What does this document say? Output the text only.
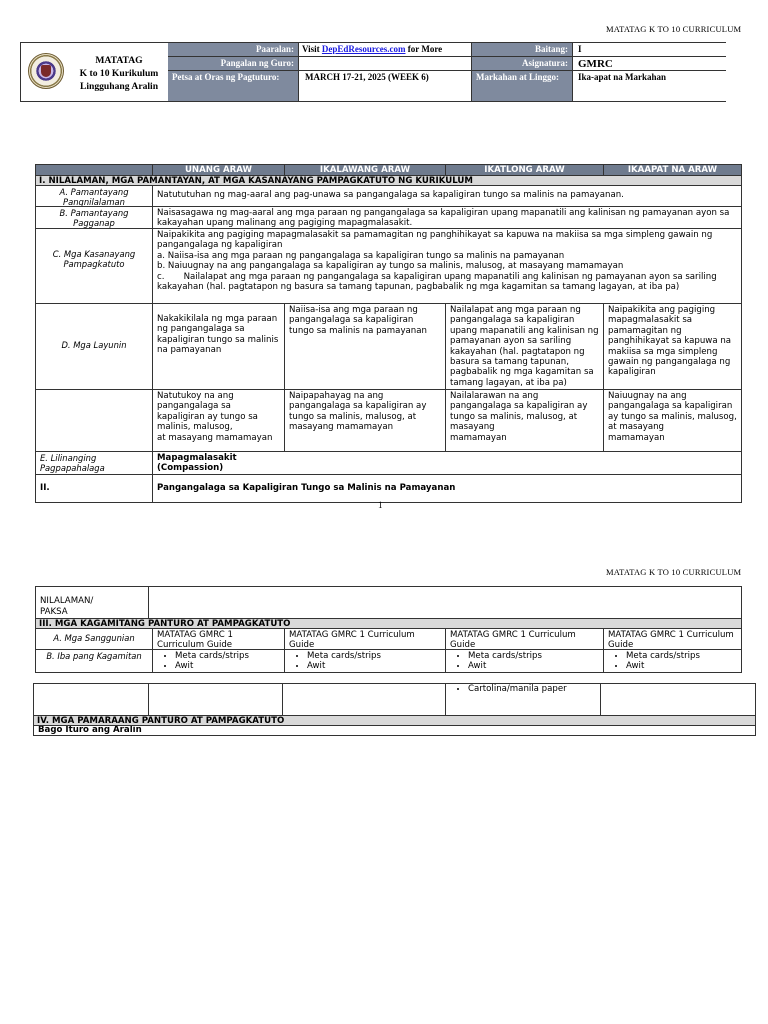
MATATAG K TO 10 CURRICULUM
MATATAG
K to 10 Kurikulum
Lingguhang Aralin
Paaralan: Visit DepEdResources.com for More	Baitang:	I
Pangalan ng Guro:	Asignatura: GMRC
Petsa at Oras ng Pagtuturo:	MARCH 17-21, 2025 (WEEK 6)	Markahan at Linggo:	Ika-apat na Markahan
UNANG ARAW	IKALAWANG ARAW	IKATLONG ARAW	IKAAPAT NA ARAW
I. NILALAMAN, MGA PAMANTAYAN, AT MGA KASANAYANG PAMPAGKATUTO NG KURIKULUM
A. Pamantayang Pangnilalaman
Natututuhan ng mag-aaral ang pag-unawa sa pangangalaga sa kapaligiran tungo sa malinis na pamayanan.
B. Pamantayang Pagganap
Naisasagawa ng mag-aaral ang mga paraan ng pangangalaga sa kapaligiran upang mapanatili ang kalinisan ng pamayanan ayon sa kakayahan upang malinang ang pagiging mapagmalasakit.
C. Mga Kasanayang Pampagkatuto
Naipakikita ang pagiging mapagmalasakit sa pamamagitan ng panghihikayat sa kapuwa na makiisa sa mga simpleng gawain ng pangangalaga ng kapaligiran
a. Naiisa-isa ang mga paraan ng pangangalaga sa kapaligiran tungo sa malinis na pamayanan
b. Naiuugnay na ang pangangalaga sa kapaligiran ay tungo sa malinis, malusog, at masayang mamamayan
c.       Nailalapat ang mga paraan ng pangangalaga sa kapaligiran upang mapanatili ang kalinisan ng pamayanan ayon sa sariling kakayahan (hal. pagtatapon ng basura sa tamang tapunan, pagbabalik ng mga kagamitan sa tamang lagayan, at iba pa)
D. Mga Layunin
Nakakikilala ng mga paraan ng pangangalaga sa kapaligiran tungo sa malinis na pamayanan
Naiisa-isa ang mga paraan ng pangangalaga sa kapaligiran tungo sa malinis na pamayanan
Nailalapat ang mga paraan ng pangangalaga sa kapaligiran upang mapanatili ang kalinisan ng pamayanan ayon sa sariling kakayahan (hal. pagtatapon ng basura sa tamang tapunan, pagbabalik ng mga kagamitan sa tamang lagayan, at iba pa)
Naipakikita ang pagiging mapagmalasakit sa pamamagitan ng panghihikayat sa kapuwa na makiisa sa mga simpleng gawain ng pangangalaga ng kapaligiran
Natutukoy na ang pangangalaga sa kapaligiran ay tungo sa malinis, malusog,
at masayang mamamayan
Naipapahayag na ang pangangalaga sa kapaligiran ay tungo sa malinis, malusog, at masayang mamamayan
Nailalarawan na ang pangangalaga sa kapaligiran ay tungo sa malinis, malusog, at masayang
mamamayan
Naiuugnay na ang pangangalaga sa kapaligiran ay tungo sa malinis, malusog, at masayang
mamamayan
E. Lilinanging Pagpapahalaga
Mapagmalasakit
(Compassion)
II.	Pangangalaga sa Kapaligiran Tungo sa Malinis na Pamayanan
1
MATATAG K TO 10 CURRICULUM
NILALAMAN/
PAKSA
III. MGA KAGAMITANG PANTURO AT PAMPAGKATUTO
A. Mga Sanggunian	MATATAG GMRC 1 Curriculum Guide
MATATAG GMRC 1 Curriculum Guide
MATATAG GMRC 1 Curriculum Guide
MATATAG GMRC 1 Curriculum Guide
B. Iba pang Kagamitan
•	Meta cards/strips
• Awit
• Meta cards/strips
• Awit
• Meta cards/strips
• Awit
• Meta cards/strips
• Awit
• Cartolina/manila paper
IV. MGA PAMARAANG PANTURO AT PAMPAGKATUTO
Bago Ituro ang Aralin
